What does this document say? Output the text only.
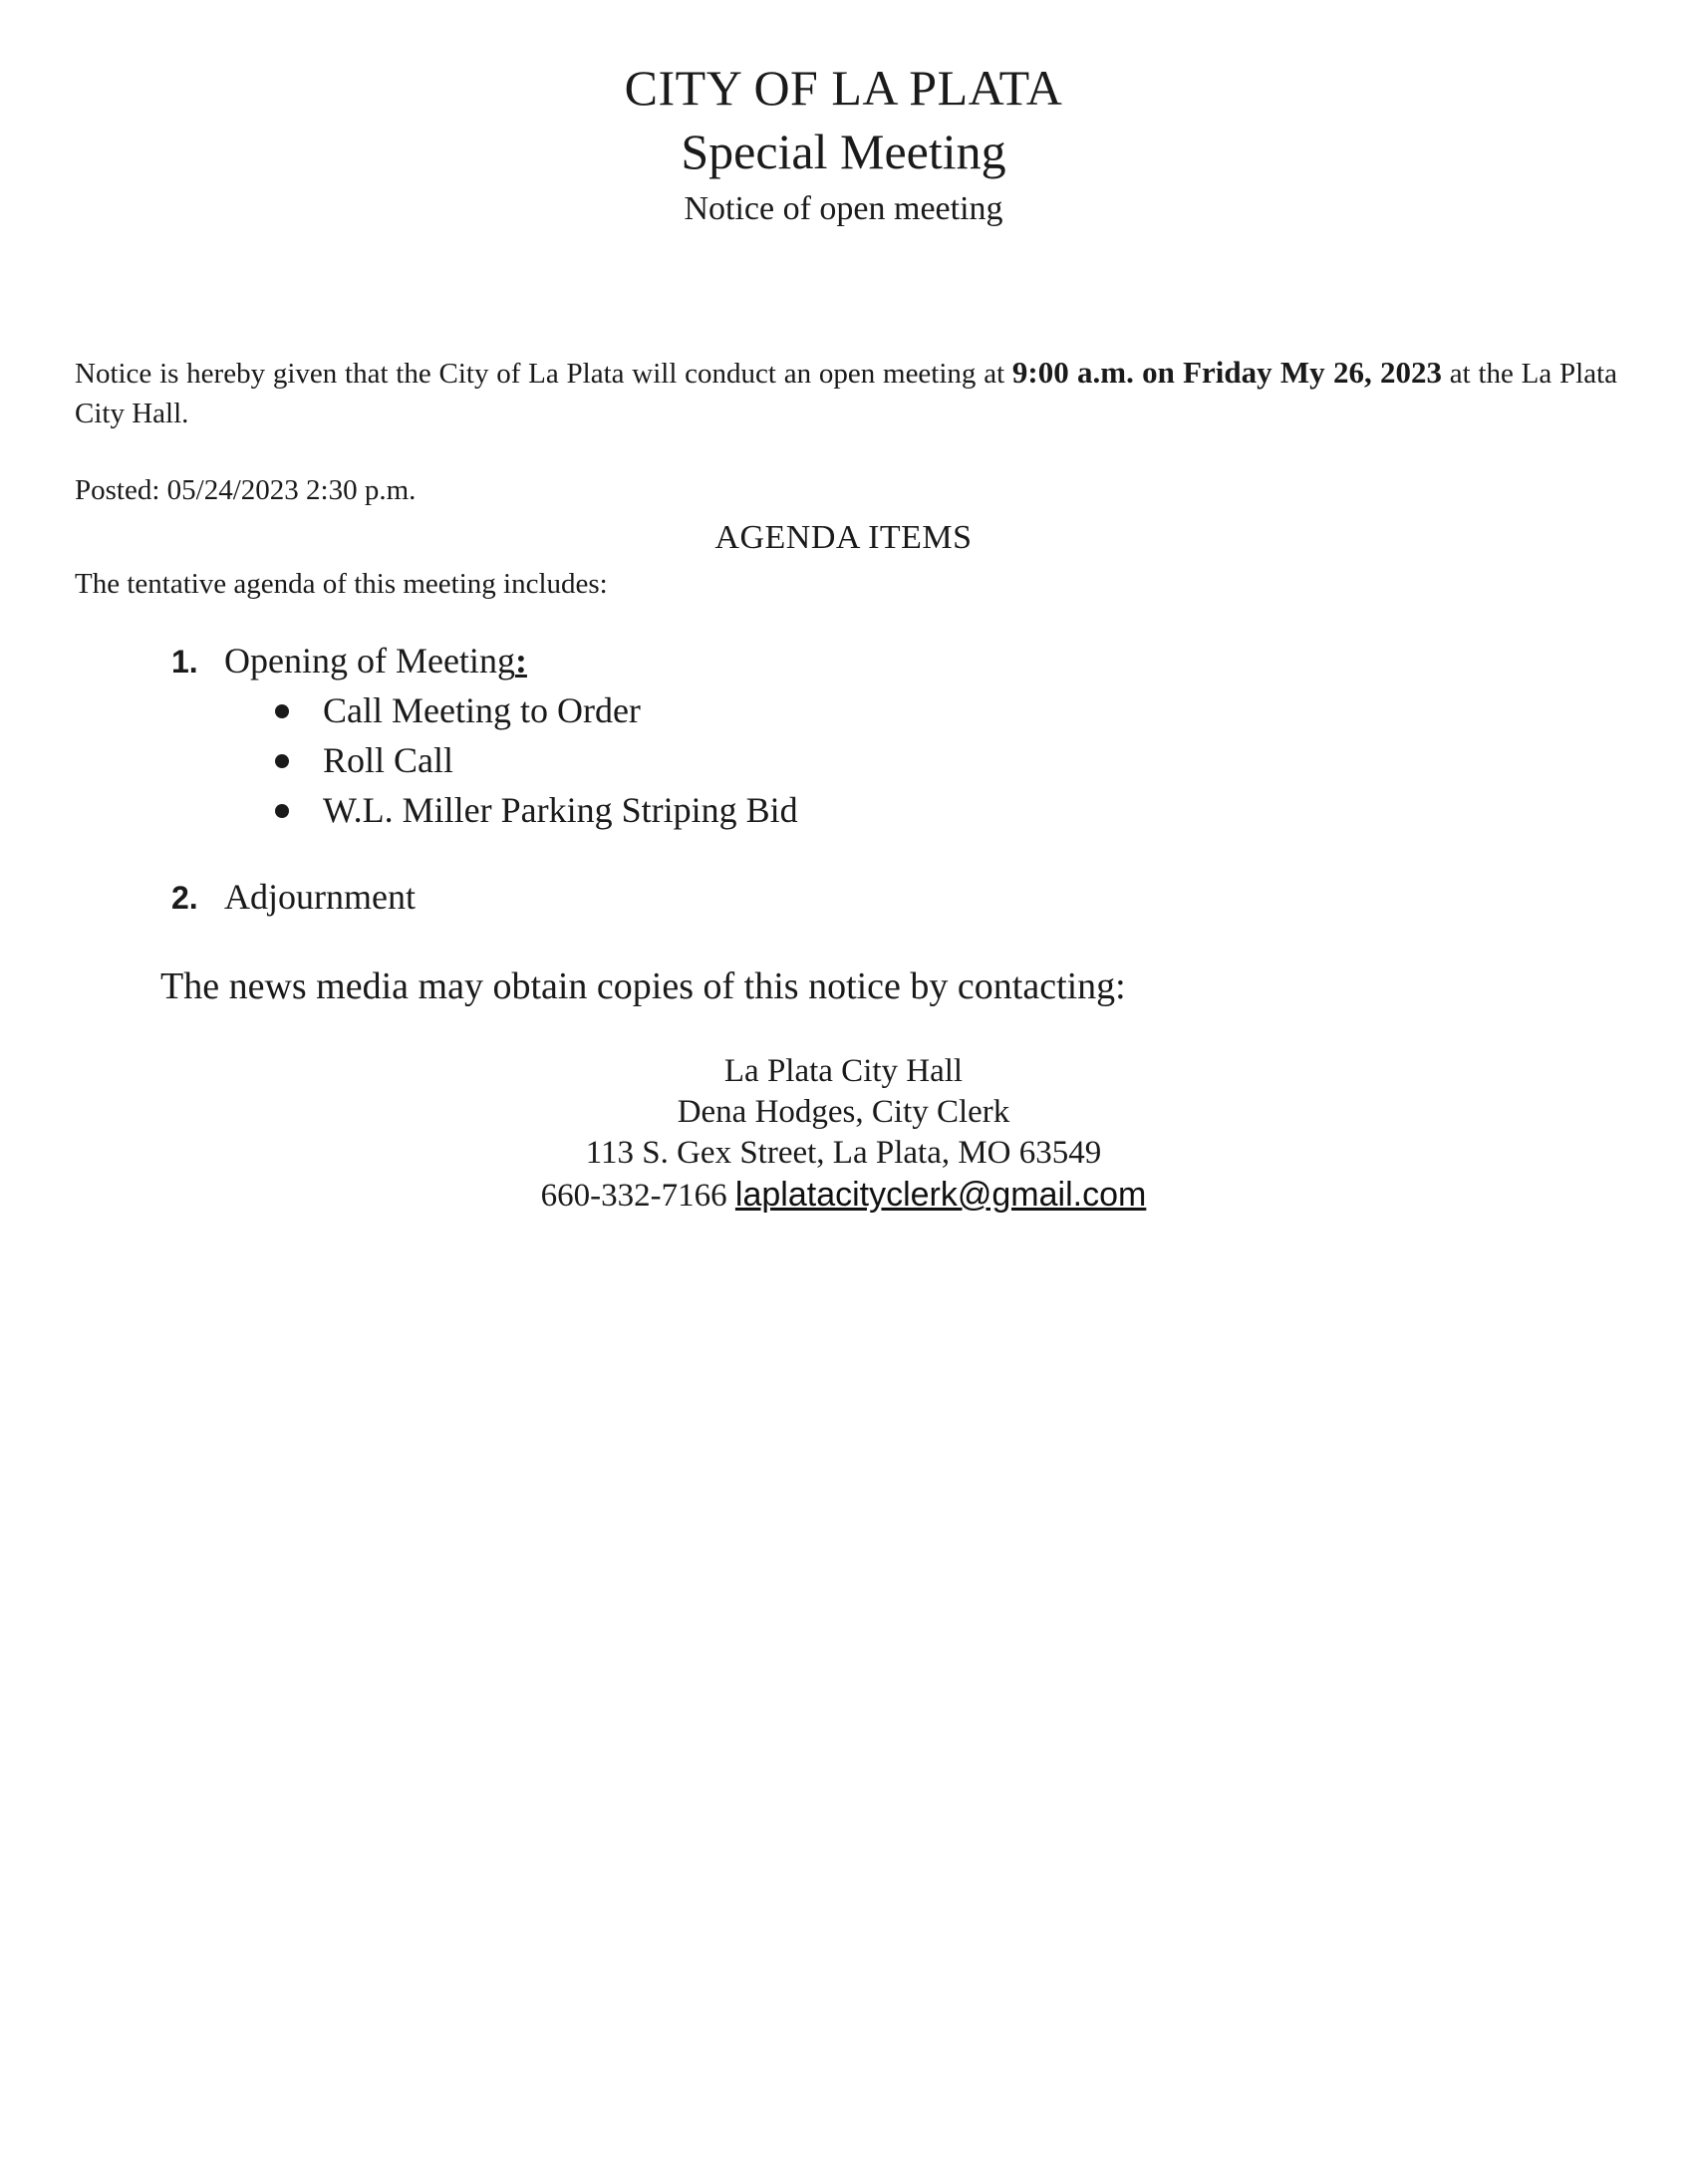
CITY OF LA PLATA
Special Meeting
Notice of open meeting
Notice is hereby given that the City of La Plata will conduct an open meeting at 9:00 a.m. on Friday My 26, 2023 at the La Plata City Hall.
Posted: 05/24/2023 2:30 p.m.
AGENDA ITEMS
The tentative agenda of this meeting includes:
1. Opening of Meeting:
Call Meeting to Order
Roll Call
W.L. Miller Parking Striping Bid
2. Adjournment
The news media may obtain copies of this notice by contacting:
La Plata City Hall
Dena Hodges, City Clerk
113 S. Gex Street, La Plata, MO 63549
660-332-7166 laplatacityclerk@gmail.com
